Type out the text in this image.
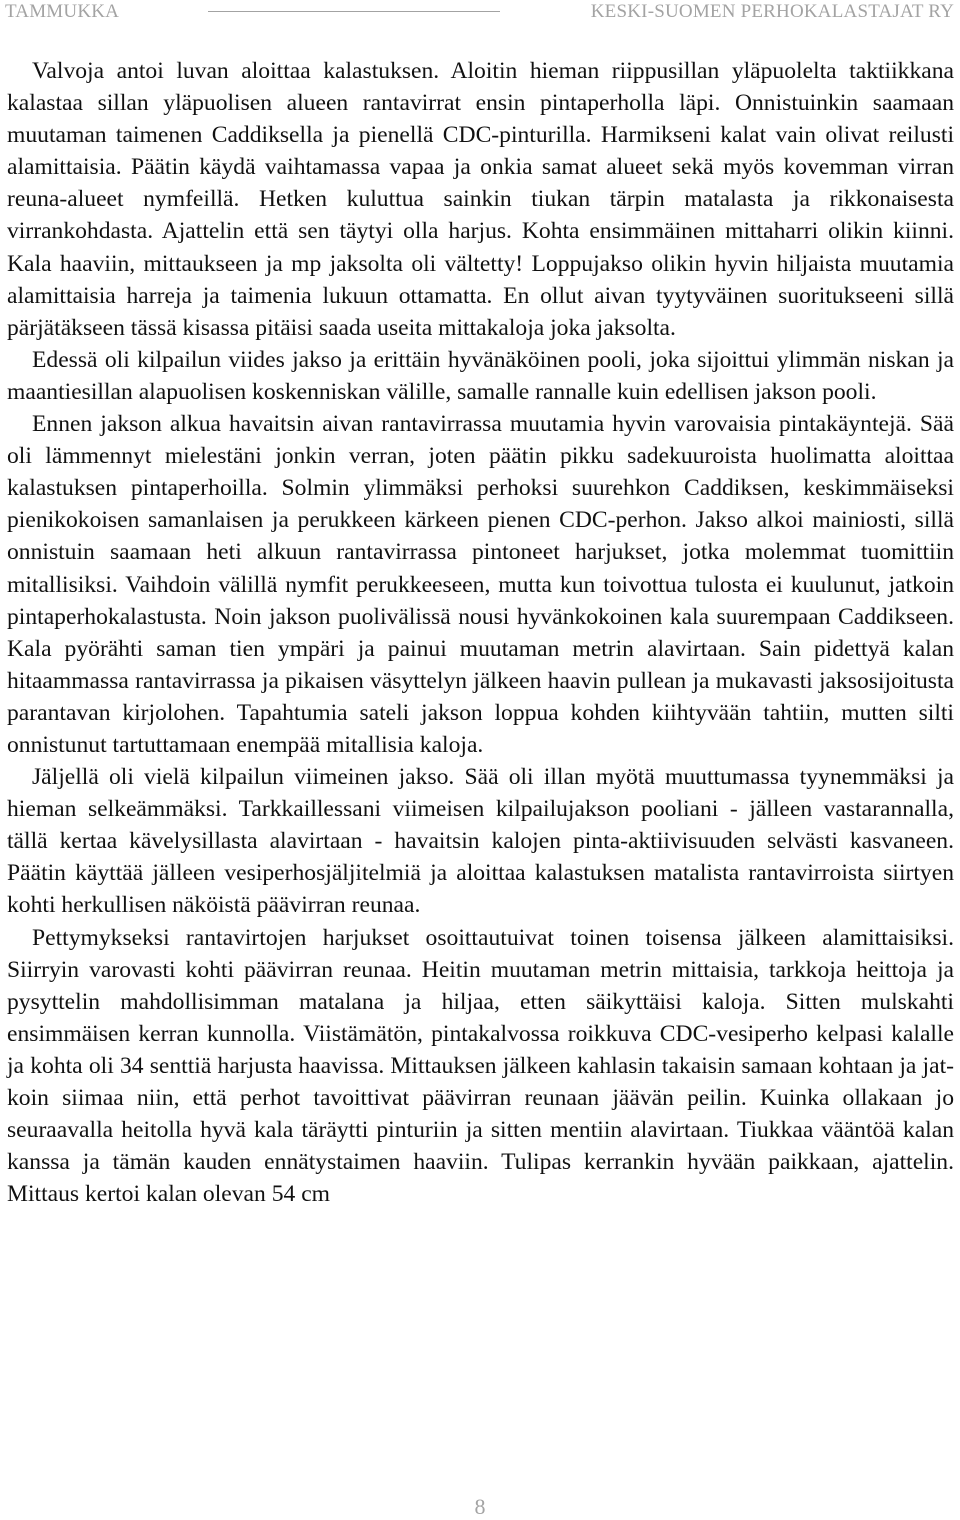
TAMMUKKA	KESKI-SUOMEN PERHOKALASTAJAT RY

Valvoja antoi luvan aloittaa kalastuksen. Aloitin hieman riippusillan yläpuolelta taktiikkana kalastaa sillan yläpuolisen alueen rantavirrat ensin pintaperholla läpi. Onnistuinkin saamaan muutaman taimenen Caddiksella ja pienellä CDC-pinturilla. Harmikseni kalat vain olivat reilusti alamittaisia. Päätin käydä vaihtamassa vapaa ja onkia samat alueet sekä myös kovemman virran reuna-alueet nymfeillä. Hetken kuluttua sainkin tiukan tärpin matalasta ja rikkonaisesta virrankohdasta. Ajattelin että sen täytyi olla harjus. Kohta ensimmäinen mittaharri olikin kiinni. Kala haaviin, mittaukseen ja mp jaksolta oli vältetty! Loppujakso olikin hyvin hiljaista muutamia alamittaisia harreja ja taimenia lukuun ottamatta. En ollut aivan tyytyväinen suoritukseeni sillä pärjätäkseen tässä kisassa pitäisi saada useita mittakaloja joka jaksolta.

Edessä oli kilpailun viides jakso ja erittäin hyvänäköinen pooli, joka sijoittui ylimmän niskan ja maantiesillan alapuolisen koskenniskan välille, samalle rannalle kuin edellisen jakson pooli.

Ennen jakson alkua havaitsin aivan rantavirrassa muutamia hyvin varovaisia pintakäyntejä. Sää oli lämmennyt mielestäni jonkin verran, joten päätin pikku sadekuuroista huolimatta aloittaa kalastuksen pintaperhoilla. Solmin ylimmäksi perhoksi suurehkon Caddiksen, keskimmäiseksi pienikokoisen samanlaisen ja perukkeen kärkeen pienen CDC-perhon. Jakso alkoi mainiosti, sillä onnistuin saamaan heti alkuun rantavirrassa pintoneet harjukset, jotka molemmat tuomittiin mitallisiksi. Vaihdoin välillä nymfit perukkeeseen, mutta kun toivottua tulosta ei kuulunut, jatkoin pintaperhokalastusta. Noin jakson puolivälissä nousi hyvänkokoinen kala suurempaan Caddikseen. Kala pyörähti saman tien ympäri ja painui muutaman metrin alavirtaan. Sain pidettyä kalan hitaammassa rantavirrassa ja pikaisen väsyttelyn jälkeen haavin pullean ja mukavasti jaksosijoitusta parantavan kirjolohen. Tapahtumia sateli jakson loppua kohden kiihtyvään tahtiin, mutten silti onnistunut tartuttamaan enempää mitallisia kaloja.

Jäljellä oli vielä kilpailun viimeinen jakso. Sää oli illan myötä muuttumassa tyynemmäksi ja hieman selkeämmäksi. Tarkkaillessani viimeisen kilpailujakson pooliani - jälleen vastarannalla, tällä kertaa kävelysillasta alavirtaan - havaitsin kalojen pinta-aktiivisuuden selvästi kasvaneen. Päätin käyttää jälleen vesiperhosjäljitelmiä ja aloittaa kalastuksen matalista rantavirroista siirtyen kohti herkullisen näköistä päävirran reunaa.

Pettymykseksi rantavirtojen harjukset osoittautuivat toinen toisensa jälkeen alamittaisiksi. Siirryin varovasti kohti päävirran reunaa. Heitin muutaman metrin mittaisia, tarkkoja heittoja ja pysyttelin mahdollisimman matalana ja hiljaa, etten säikyttäisi kaloja. Sitten mulskahti ensimmäisen kerran kunnolla. Viistämätön, pintakalvossa roikkuva CDC-vesiperho kelpasi kalalle ja kohta oli 34 senttiä harjusta haavissa. Mittauksen jälkeen kahlasin takaisin samaan kohtaan ja jatkoin siimaa niin, että perhot tavoittivat päävirran reunaan jäävän peilin. Kuinka ollakaan jo seuraavalla heitolla hyvä kala täräytti pinturiin ja sitten mentiin alavirtaan. Tiukkaa vääntöä kalan kanssa ja tämän kauden ennätystaimen haaviin. Tulipas kerrankin hyvään paikkaan, ajattelin. Mittaus kertoi kalan olevan 54 cm

8
